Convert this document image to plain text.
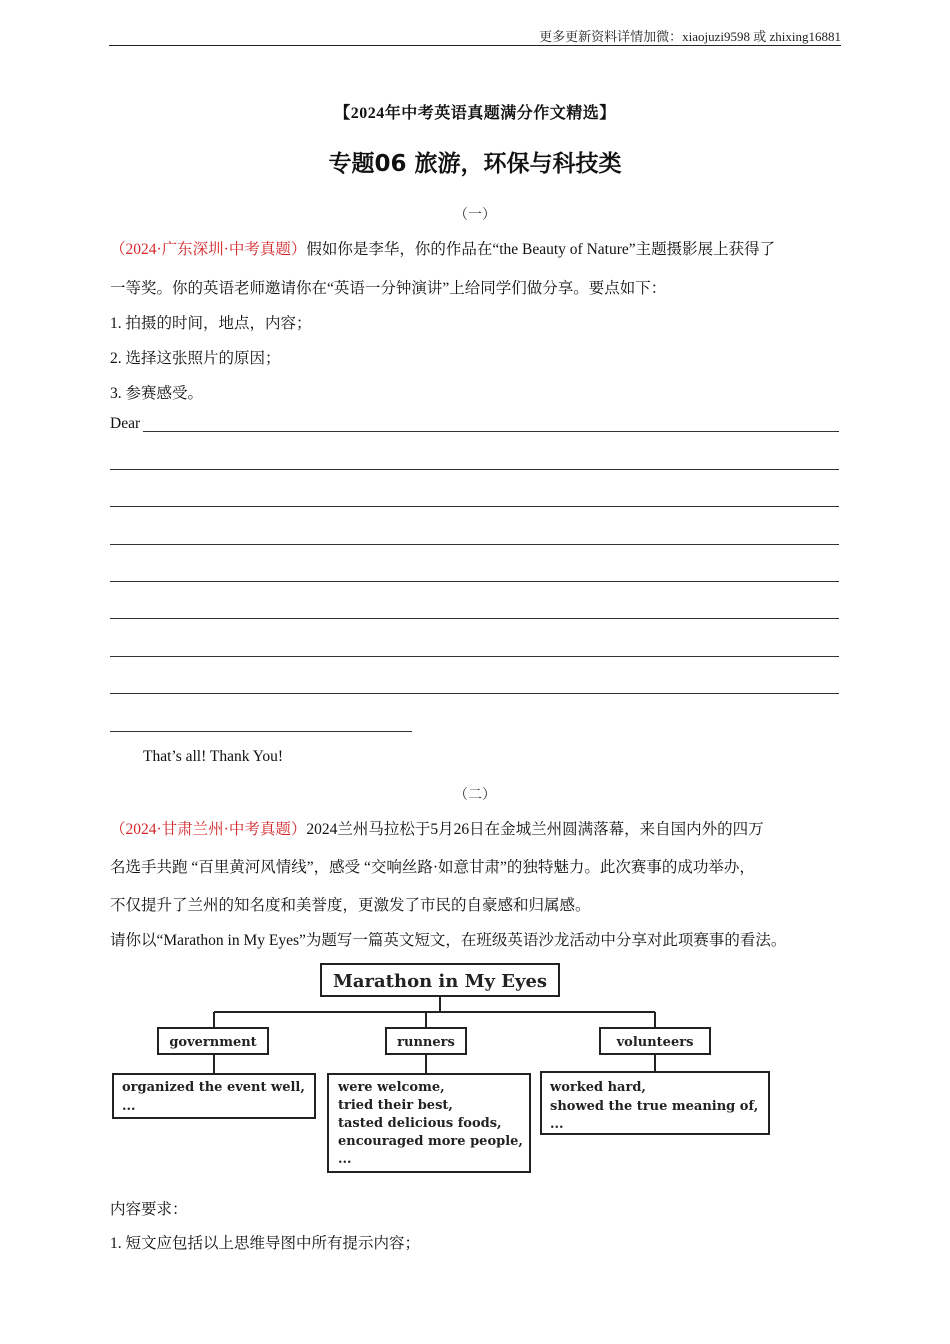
更多更新资料详情加微：xiaojuzi9598 或 zhixing16881
【2024年中考英语真题满分作文精选】
专题06 旅游，环保与科技类
（一）
（2024·广东深圳·中考真题）假如你是李华，你的作品在“the Beauty of Nature”主题摄影展上获得了
一等奖。你的英语老师邀请你在“英语一分钟演讲”上给同学们做分享。要点如下：
1. 拍摄的时间，地点，内容；
2. 选择这张照片的原因；
3. 参赛感受。
Dear
That’s all! Thank You!
（二）
（2024·甘肃兰州·中考真题）2024兰州马拉松于5月26日在金城兰州圆满落幕，来自国内外的四万
名选手共跑 “百里黄河风情线”，感受 “交响丝路·如意甘肃”的独特魅力。此次赛事的成功举办，
不仅提升了兰州的知名度和美誉度，更激发了市民的自豪感和归属感。
请你以“Marathon in My Eyes”为题写一篇英文短文，在班级英语沙龙活动中分享对此项赛事的看法。
Marathon in My Eyes
government	runners	volunteers
organized the event well,
...
were welcome,
tried their best,
tasted delicious foods,
encouraged more people,
...
worked hard,
showed the true meaning of,
...
内容要求：
1. 短文应包括以上思维导图中所有提示内容；
